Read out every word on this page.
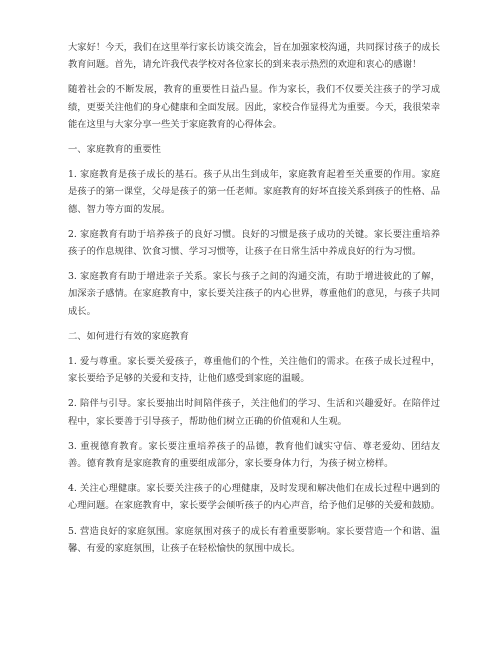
大家好！今天，我们在这里举行家长访谈交流会，旨在加强家校沟通，共同探讨孩子的成长教育问题。首先，请允许我代表学校对各位家长的到来表示热烈的欢迎和衷心的感谢！

随着社会的不断发展，教育的重要性日益凸显。作为家长，我们不仅要关注孩子的学习成绩，更要关注他们的身心健康和全面发展。因此，家校合作显得尤为重要。今天，我很荣幸能在这里与大家分享一些关于家庭教育的心得体会。

一、家庭教育的重要性

1. 家庭教育是孩子成长的基石。孩子从出生到成年，家庭教育起着至关重要的作用。家庭是孩子的第一课堂，父母是孩子的第一任老师。家庭教育的好坏直接关系到孩子的性格、品德、智力等方面的发展。

2. 家庭教育有助于培养孩子的良好习惯。良好的习惯是孩子成功的关键。家长要注重培养孩子的作息规律、饮食习惯、学习习惯等，让孩子在日常生活中养成良好的行为习惯。

3. 家庭教育有助于增进亲子关系。家长与孩子之间的沟通交流，有助于增进彼此的了解，加深亲子感情。在家庭教育中，家长要关注孩子的内心世界，尊重他们的意见，与孩子共同成长。

二、如何进行有效的家庭教育

1. 爱与尊重。家长要关爱孩子，尊重他们的个性，关注他们的需求。在孩子成长过程中，家长要给予足够的关爱和支持，让他们感受到家庭的温暖。

2. 陪伴与引导。家长要抽出时间陪伴孩子，关注他们的学习、生活和兴趣爱好。在陪伴过程中，家长要善于引导孩子，帮助他们树立正确的价值观和人生观。

3. 重视德育教育。家长要注重培养孩子的品德，教育他们诚实守信、尊老爱幼、团结友善。德育教育是家庭教育的重要组成部分，家长要身体力行，为孩子树立榜样。

4. 关注心理健康。家长要关注孩子的心理健康，及时发现和解决他们在成长过程中遇到的心理问题。在家庭教育中，家长要学会倾听孩子的内心声音，给予他们足够的关爱和鼓励。

5. 营造良好的家庭氛围。家庭氛围对孩子的成长有着重要影响。家长要营造一个和谐、温馨、有爱的家庭氛围，让孩子在轻松愉快的氛围中成长。
